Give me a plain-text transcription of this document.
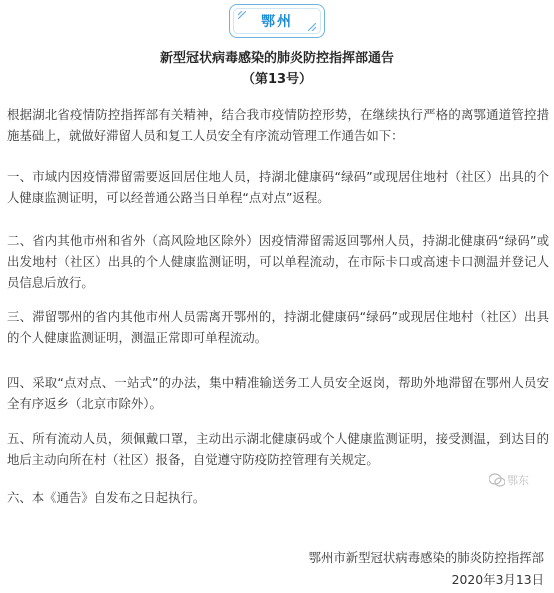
鄂州
新型冠状病毒感染的肺炎防控指挥部通告
（第13号）

根据湖北省疫情防控指挥部有关精神，结合我市疫情防控形势，在继续执行严格的离鄂通道管控措施基础上，就做好滞留人员和复工人员安全有序流动管理工作通告如下：

一、市域内因疫情滞留需要返回居住地人员，持湖北健康码“绿码”或现居住地村（社区）出具的个人健康监测证明，可以经普通公路当日单程“点对点”返程。

二、省内其他市州和省外（高风险地区除外）因疫情滞留需返回鄂州人员，持湖北健康码“绿码”或出发地村（社区）出具的个人健康监测证明，可以单程流动，在市际卡口或高速卡口测温并登记人员信息后放行。

三、滞留鄂州的省内其他市州人员需离开鄂州的，持湖北健康码“绿码”或现居住地村（社区）出具的个人健康监测证明，测温正常即可单程流动。

四、采取“点对点、一站式”的办法，集中精准输送务工人员安全返岗，帮助外地滞留在鄂州人员安全有序返乡（北京市除外）。

五、所有流动人员，须佩戴口罩，主动出示湖北健康码或个人健康监测证明，接受测温，到达目的地后主动向所在村（社区）报备，自觉遵守防疫防控管理有关规定。

六、本《通告》自发布之日起执行。

鄂东
鄂州市新型冠状病毒感染的肺炎防控指挥部
2020年3月13日
